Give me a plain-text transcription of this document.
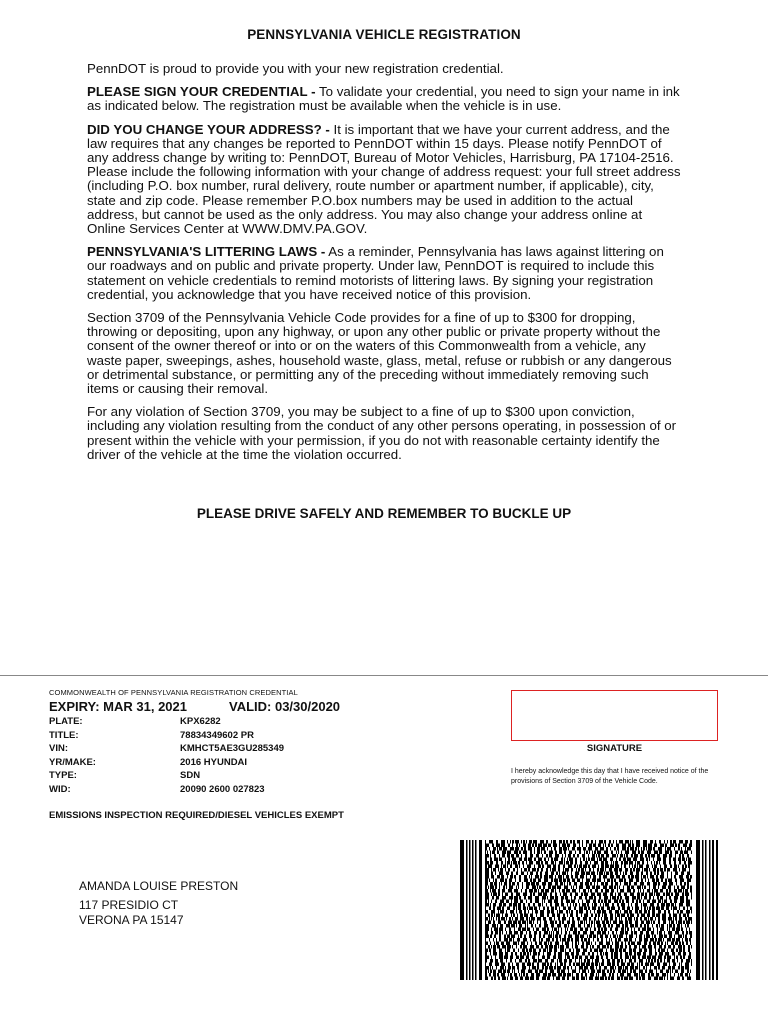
PENNSYLVANIA VEHICLE REGISTRATION

PennDOT is proud to provide you with your new registration credential.

PLEASE SIGN YOUR CREDENTIAL - To validate your credential, you need to sign your name in ink as indicated below. The registration must be available when the vehicle is in use.

DID YOU CHANGE YOUR ADDRESS? - It is important that we have your current address, and the law requires that any changes be reported to PennDOT within 15 days. Please notify PennDOT of any address change by writing to: PennDOT, Bureau of Motor Vehicles, Harrisburg, PA 17104-2516. Please include the following information with your change of address request: your full street address (including P.O. box number, rural delivery, route number or apartment number, if applicable), city, state and zip code. Please remember P.O.box numbers may be used in addition to the actual address, but cannot be used as the only address. You may also change your address online at Online Services Center at WWW.DMV.PA.GOV.

PENNSYLVANIA'S LITTERING LAWS - As a reminder, Pennsylvania has laws against littering on our roadways and on public and private property. Under law, PennDOT is required to include this statement on vehicle credentials to remind motorists of littering laws. By signing your registration credential, you acknowledge that you have received notice of this provision.

Section 3709 of the Pennsylvania Vehicle Code provides for a fine of up to $300 for dropping, throwing or depositing, upon any highway, or upon any other public or private property without the consent of the owner thereof or into or on the waters of this Commonwealth from a vehicle, any waste paper, sweepings, ashes, household waste, glass, metal, refuse or rubbish or any dangerous or detrimental substance, or permitting any of the preceding without immediately removing such items or causing their removal.

For any violation of Section 3709, you may be subject to a fine of up to $300 upon conviction, including any violation resulting from the conduct of any other persons operating, in possession of or present within the vehicle with your permission, if you do not with reasonable certainty identify the driver of the vehicle at the time the violation occurred.

PLEASE DRIVE SAFELY AND REMEMBER TO BUCKLE UP
COMMONWEALTH OF PENNSYLVANIA REGISTRATION CREDENTIAL
EXPIRY: MAR 31, 2021	VALID: 03/30/2020
PLATE:	KPX6282
TITLE:	78834349602 PR
VIN:	KMHCT5AE3GU285349
YR/MAKE:	2016 HYUNDAI
TYPE:	SDN
WID:	20090 2600 027823
EMISSIONS INSPECTION REQUIRED/DIESEL VEHICLES EXEMPT
SIGNATURE
I hereby acknowledge this day that I have received notice of the provisions of Section 3709 of the Vehicle Code.
AMANDA LOUISE PRESTON
117 PRESIDIO CT
VERONA PA 15147
